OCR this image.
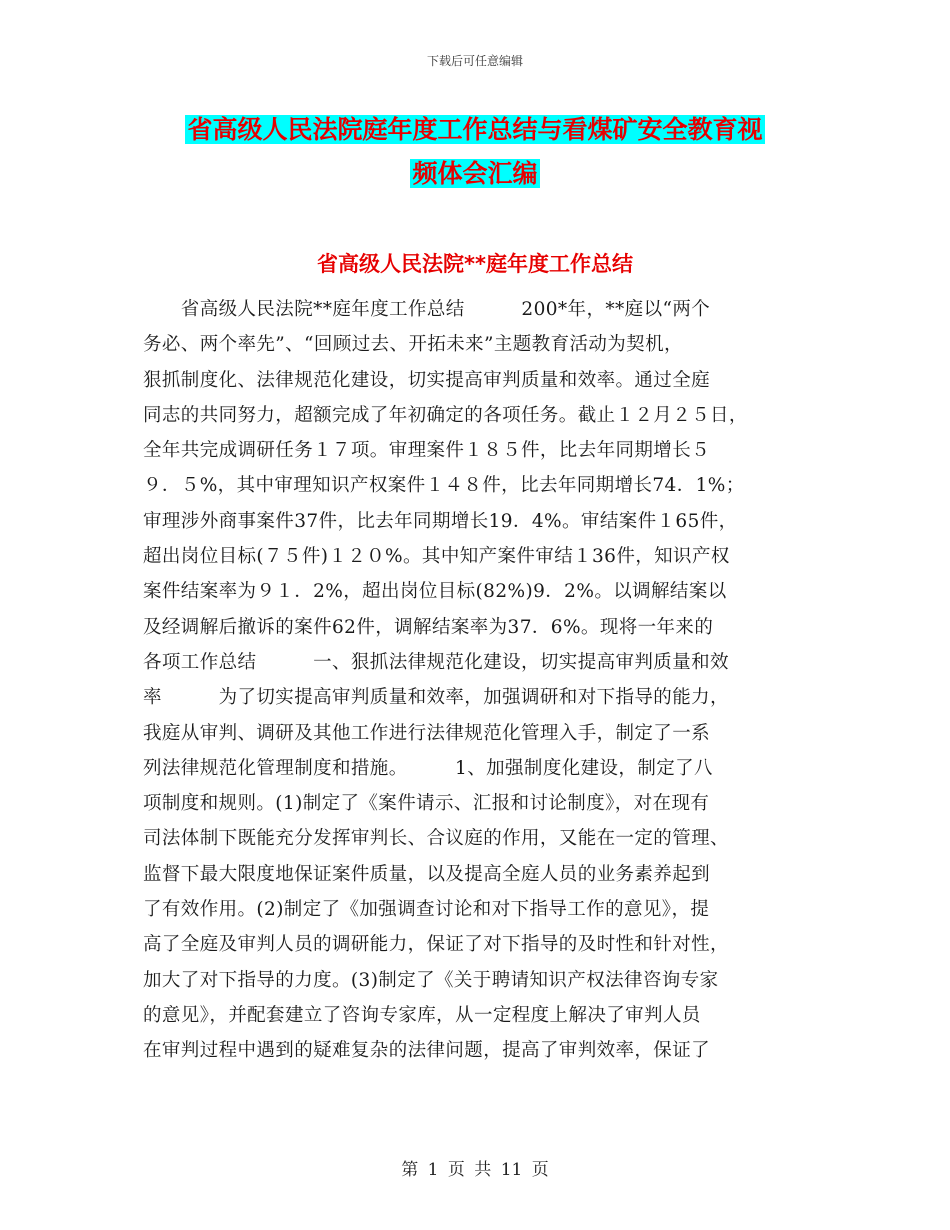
下载后可任意编辑
省高级人民法院庭年度工作总结与看煤矿安全教育视
频体会汇编
省高级人民法院**庭年度工作总结
　　省高级人民法院**庭年度工作总结　　　200*年，**庭以“两个
务必、两个率先”、“回顾过去、开拓未来”主题教育活动为契机，
狠抓制度化、法律规范化建设，切实提高审判质量和效率。通过全庭
同志的共同努力，超额完成了年初确定的各项任务。截止１２月２５日，
全年共完成调研任务１７项。审理案件１８５件，比去年同期增长５
９．５%，其中审理知识产权案件１４８件，比去年同期增长74．1%；
审理涉外商事案件37件，比去年同期增长19．4%。审结案件１65件，
超出岗位目标(７５件)１２０%。其中知产案件审结１36件，知识产权
案件结案率为９１．2%，超出岗位目标(82%)9．2%。以调解结案以
及经调解后撤诉的案件62件，调解结案率为37．6%。现将一年来的
各项工作总结　　　一、狠抓法律规范化建设，切实提高审判质量和效
率　　　为了切实提高审判质量和效率，加强调研和对下指导的能力，
我庭从审判、调研及其他工作进行法律规范化管理入手，制定了一系
列法律规范化管理制度和措施。　　　1、加强制度化建设，制定了八
项制度和规则。(1)制定了《案件请示、汇报和讨论制度》，对在现有
司法体制下既能充分发挥审判长、合议庭的作用，又能在一定的管理、
监督下最大限度地保证案件质量，以及提高全庭人员的业务素养起到
了有效作用。(2)制定了《加强调查讨论和对下指导工作的意见》，提
高了全庭及审判人员的调研能力，保证了对下指导的及时性和针对性，
加大了对下指导的力度。(3)制定了《关于聘请知识产权法律咨询专家
的意见》，并配套建立了咨询专家库，从一定程度上解决了审判人员
在审判过程中遇到的疑难复杂的法律问题，提高了审判效率，保证了
第 1 页 共 11 页
